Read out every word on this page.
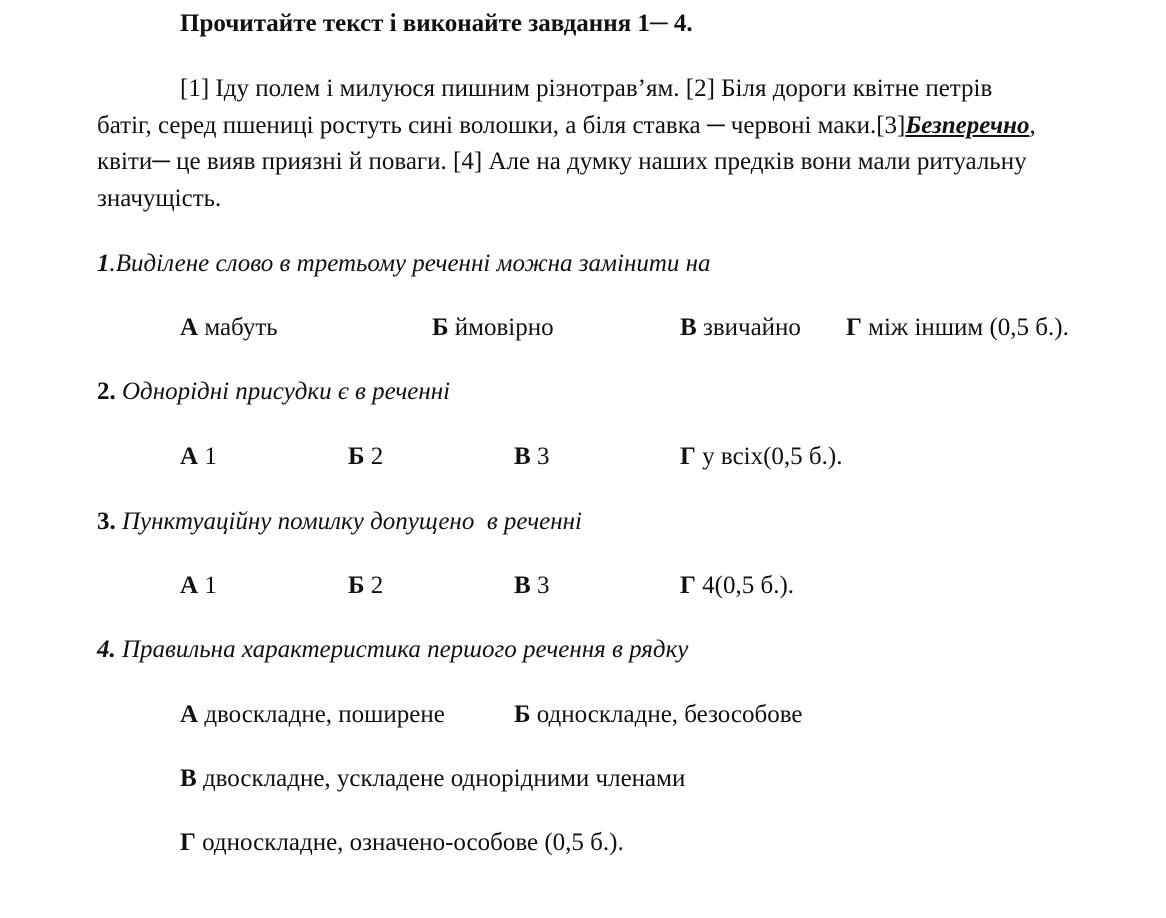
Прочитайте текст і виконайте завдання 1─ 4.
[1] Іду полем і милуюся пишним різнотрав’ям. [2] Біля дороги квітне петрів
батіг, серед пшениці ростуть сині волошки, а біля ставка ─ червоні маки.[3]Безперечно,
квіти─ це вияв приязні й поваги. [4] Але на думку наших предків вони мали ритуальну
значущість.
1.Виділене слово в третьому реченні можна замінити на
А мабуть	Б ймовірно	В звичайно Г між іншим (0,5 б.).
2. Однорідні присудки є в реченні
А 1	Б 2	В 3	Г у всіх(0,5 б.).
3. Пунктуаційну помилку допущено  в реченні
А 1	Б 2	В 3	Г 4(0,5 б.).
4. Правильна характеристика першого речення в рядку
А двоскладне, поширене	Б односкладне, безособове
В двоскладне, ускладене однорідними членами
Г односкладне, означено-особове (0,5 б.).
